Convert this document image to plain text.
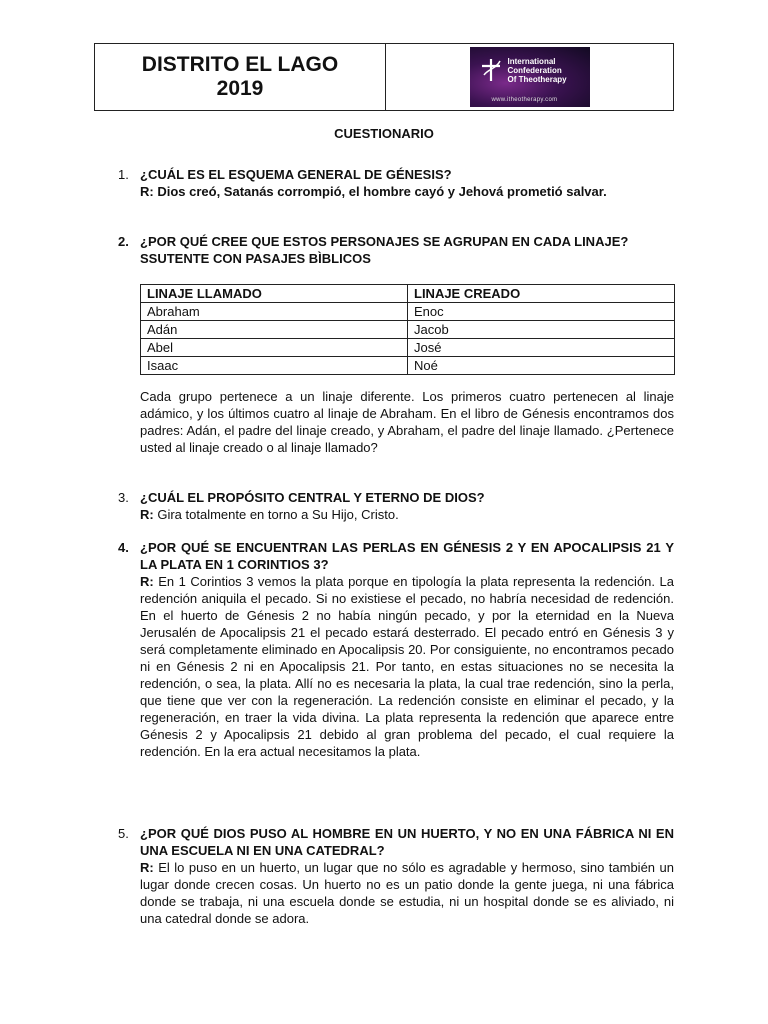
DISTRITO EL LAGO
2019
International
Confederation
Of Theotherapy
www.itheotherapy.com
CUESTIONARIO
1. ¿CUÁL ES EL ESQUEMA GENERAL DE GÉNESIS?
R: Dios creó, Satanás corrompió, el hombre cayó y Jehová prometió salvar.
2. ¿POR QUÉ CREE QUE ESTOS PERSONAJES SE AGRUPAN EN CADA LINAJE? SSUTENTE CON PASAJES BÌBLICOS
LINAJE LLAMADO	LINAJE CREADO
Abraham	Enoc
Adán	Jacob
Abel	José
Isaac	Noé
Cada grupo pertenece a un linaje diferente. Los primeros cuatro pertenecen al linaje adámico, y los últimos cuatro al linaje de Abraham. En el libro de Génesis encontramos dos padres: Adán, el padre del linaje creado, y Abraham, el padre del linaje llamado. ¿Pertenece usted al linaje creado o al linaje llamado?
3. ¿CUÁL EL PROPÓSITO CENTRAL Y ETERNO DE DIOS?
R: Gira totalmente en torno a Su Hijo, Cristo.
4. ¿POR QUÉ SE ENCUENTRAN LAS PERLAS EN GÉNESIS 2 Y EN APOCALIPSIS 21 Y LA PLATA EN 1 CORINTIOS 3?
R: En 1 Corintios 3 vemos la plata porque en tipología la plata representa la redención. La redención aniquila el pecado. Si no existiese el pecado, no habría necesidad de redención. En el huerto de Génesis 2 no había ningún pecado, y por la eternidad en la Nueva Jerusalén de Apocalipsis 21 el pecado estará desterrado. El pecado entró en Génesis 3 y será completamente eliminado en Apocalipsis 20. Por consiguiente, no encontramos pecado ni en Génesis 2 ni en Apocalipsis 21. Por tanto, en estas situaciones no se necesita la redención, o sea, la plata. Allí no es necesaria la plata, la cual trae redención, sino la perla, que tiene que ver con la regeneración. La redención consiste en eliminar el pecado, y la regeneración, en traer la vida divina. La plata representa la redención que aparece entre Génesis 2 y Apocalipsis 21 debido al gran problema del pecado, el cual requiere la redención. En la era actual necesitamos la plata.
5. ¿POR QUÉ DIOS PUSO AL HOMBRE EN UN HUERTO, Y NO EN UNA FÁBRICA NI EN UNA ESCUELA NI EN UNA CATEDRAL?
R: El lo puso en un huerto, un lugar que no sólo es agradable y hermoso, sino también un lugar donde crecen cosas. Un huerto no es un patio donde la gente juega, ni una fábrica donde se trabaja, ni una escuela donde se estudia, ni un hospital donde se es aliviado, ni una catedral donde se adora.
